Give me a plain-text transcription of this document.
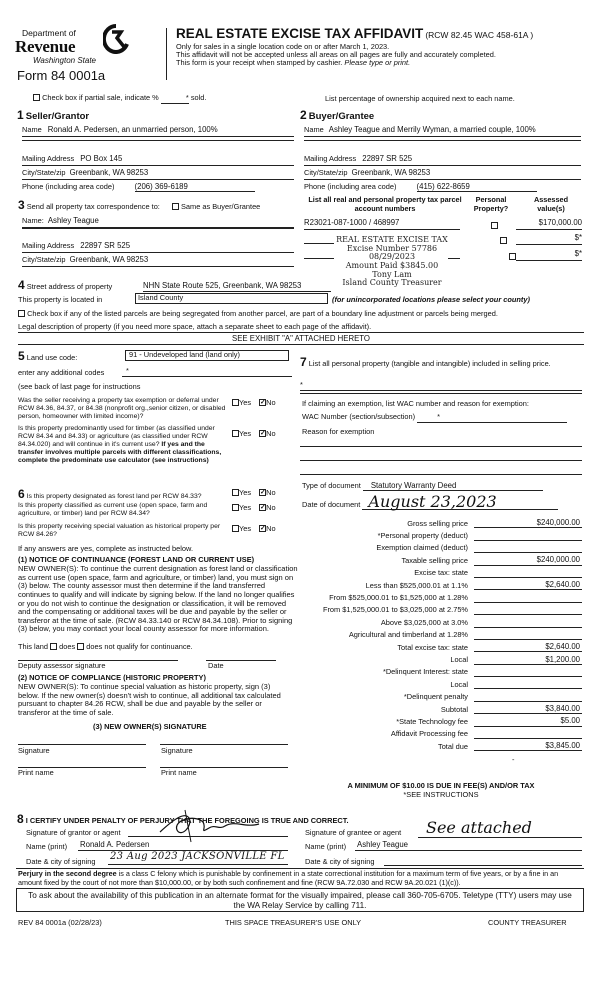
Department of
Revenue
Washington State
Form 84 0001a
REAL ESTATE EXCISE TAX AFFIDAVIT (RCW 82.45 WAC 458-61A )
Only for sales in a single location code on or after March 1, 2023.
This affidavit will not be accepted unless all areas on all pages are fully and accurately completed.
This form is your receipt when stamped by cashier. Please type or print.
Check box if partial sale, indicate %	* sold.	List percentage of ownership acquired next to each name.
1 Seller/Grantor
Name Ronald A. Pedersen, an unmarried person, 100%
Mailing Address PO Box 145
City/State/zip Greenbank, WA 98253
Phone (including area code)	(206) 369-6189
2 Buyer/Grantee
Name Ashley Teague and Merrily Wyman, a married couple, 100%
Mailing Address 22897 SR 525
City/State/zip Greenbank, WA 98253
Phone (including area code)	(415) 622-8659
3 Send all property tax correspondence to:	Same as Buyer/Grantee
Name: Ashley Teague
Mailing Address 22897 SR 525
City/State/zip Greenbank, WA 98253
List all real and personal property tax parcel account numbers
Personal Property?
Assessed value(s)
R23021-087-1000 / 468997
	$170,000.00

$*
$*
REAL ESTATE EXCISE TAX
Excise Number 57786
08/29/2023
Amount Paid $3845.00
Tony Lam
Island County Treasurer
4 Street address of property	NHN State Route 525, Greenbank, WA 98253
This property is located in	Island County	(for unincorporated locations please select your county)
Check box if any of the listed parcels are being segregated from another parcel, are part of a boundary line adjustment or parcels being merged.
Legal description of property (if you need more space, attach a separate sheet to each page of the affidavit).
SEE EXHIBIT "A" ATTACHED HERETO
5 Land use code:	91 - Undeveloped land (land only)
enter any additional codes	*
(see back of last page for instructions
Was the seller receiving a property tax exemption or deferral under RCW 84.36, 84.37, or 84.38 (nonprofit org.,senior citizen, or disabled person, homeowner with limited income)?
Yes ✓No
Is this property predominantly used for timber (as classified under RCW 84.34 and 84.33) or agriculture (as classified under RCW 84.34.020) and will continue in it's current use? If yes and the transfer involves multiple parcels with different classifications, complete the predominate use calculator (see instructions)
Yes ✓No
7 List all personal property (tangible and intangible) included in selling price.
*
If claiming an exemption, list WAC number and reason for exemption:
WAC Number (section/subsection)	*
Reason for exemption
6 Is this property designated as forest land per RCW 84.33?	Yes ✓No
Is this property classified as current use (open space, farm and agriculture, or timber) land per RCW 84.34?
Yes ✓No
Is this property receiving special valuation as historical property per RCW 84.26?
Yes ✓No
If any answers are yes, complete as instructed below.
(1) NOTICE OF CONTINUANCE (FOREST LAND OR CURRENT USE)
NEW OWNER(S): To continue the current designation as forest land or classification as current use (open space, farm and agriculture, or timber) land, you must sign on (3) below. The county assessor must then determine if the land transferred continues to qualify and will indicate by signing below. If the land no longer qualifies or you do not wish to continue the designation or classification, it will be removed and the compensating or additional taxes will be due and payable by the seller or transferor at the time of sale. (RCW 84.33.140 or RCW 84.34.108). Prior to signing (3) below, you may contact your local county assessor for more information.
This land does does not qualify for continuance.
Deputy assessor signature	Date
(2) NOTICE OF COMPLIANCE (HISTORIC PROPERTY)
NEW OWNER(S): To continue special valuation as historic property, sign (3) below. If the new owner(s) doesn't wish to continue, all additional tax calculated pursuant to chapter 84.26 RCW, shall be due and payable by the seller or transferor at the time of sale.
(3) NEW OWNER(S) SIGNATURE
Signature	Signature
Print name	Print name
Type of document Statutory Warranty Deed
Date of document August 23,2023
Gross selling price	$240,000.00
*Personal property (deduct)
Exemption claimed (deduct)
Taxable selling price	$240,000.00
Excise tax: state
Less than $525,000.01 at 1.1%	$2,640.00
From $525,000.01 to $1,525,000 at 1.28%
From $1,525,000.01 to $3,025,000 at 2.75%
Above $3,025,000 at 3.0%
Agricultural and timberland at 1.28%
Total excise tax: state	$2,640.00
Local	$1,200.00
*Delinquent Interest: state
Local
*Delinquent penalty
Subtotal	$3,840.00
*State Technology fee	$5.00
Affidavit Processing fee
Total due	$3,845.00
-
A MINIMUM OF $10.00 IS DUE IN FEE(S) AND/OR TAX
*SEE INSTRUCTIONS
8 I CERTIFY UNDER PENALTY OF PERJURY THAT THE FOREGOING IS TRUE AND CORRECT.
Signature of grantor or agent
Name (print) Ronald A. Pedersen
Date & city of signing 23 Aug 2023 JACKSONVILLE FL
Signature of grantee or agent	See attached
Name (print) Ashley Teague
Date & city of signing
Perjury in the second degree is a class C felony which is punishable by confinement in a state correctional institution for a maximum term of five years, or by a fine in an amount fixed by the court of not more than $10,000.00, or by both such confinement and fine (RCW 9A.72.030 and RCW 9A.20.021 (1)(c)).
To ask about the availability of this publication in an alternate format for the visually impaired, please call 360-705-6705. Teletype (TTY) users may use the WA Relay Service by calling 711.
REV 84 0001a (02/28/23)	THIS SPACE TREASURER'S USE ONLY	COUNTY TREASURER
